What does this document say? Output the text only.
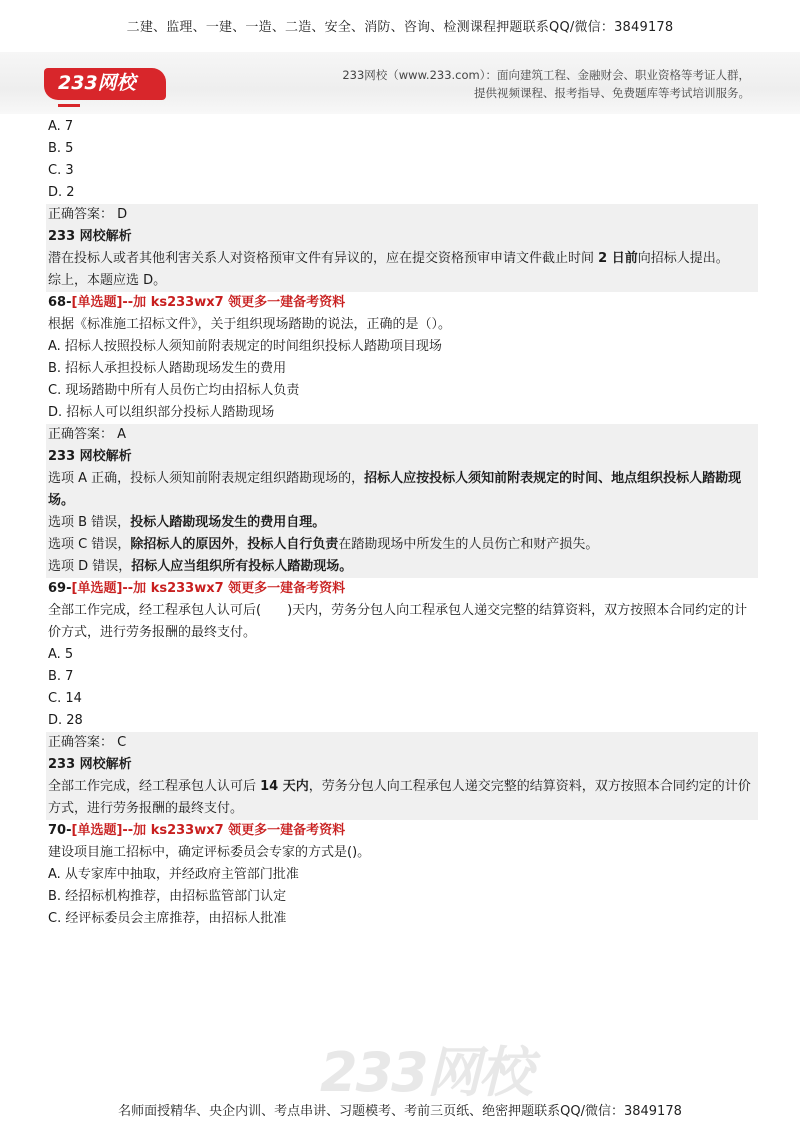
二建、监理、一建、一造、二造、安全、消防、咨询、检测课程押题联系QQ/微信：3849178
233网校	233网校（www.233.com）：面向建筑工程、金融财会、职业资格等考证人群，
提供视频课程、报考指导、免费题库等考试培训服务。
233网校
A. 7
B. 5
C. 3
D. 2
正确答案： D
233 网校解析
潜在投标人或者其他利害关系人对资格预审文件有异议的，应在提交资格预审申请文件截止时间 2 日前向招标人提出。
综上，本题应选 D。
68-[单选题]--加 ks233wx7 领更多一建备考资料
根据《标准施工招标文件》，关于组织现场踏勘的说法，正确的是（）。
A. 招标人按照投标人须知前附表规定的时间组织投标人踏勘项目现场
B. 招标人承担投标人踏勘现场发生的费用
C. 现场踏勘中所有人员伤亡均由招标人负责
D. 招标人可以组织部分投标人踏勘现场
正确答案： A
233 网校解析
选项 A 正确，投标人须知前附表规定组织踏勘现场的，招标人应按投标人须知前附表规定的时间、地点组织投标人踏勘现场。
选项 B 错误，投标人踏勘现场发生的费用自理。
选项 C 错误，除招标人的原因外，投标人自行负责在踏勘现场中所发生的人员伤亡和财产损失。
选项 D 错误，招标人应当组织所有投标人踏勘现场。
69-[单选题]--加 ks233wx7 领更多一建备考资料
全部工作完成，经工程承包人认可后(　　)天内，劳务分包人向工程承包人递交完整的结算资料，双方按照本合同约定的计价方式，进行劳务报酬的最终支付。
A. 5
B. 7
C. 14
D. 28
正确答案： C
233 网校解析
全部工作完成，经工程承包人认可后 14 天内，劳务分包人向工程承包人递交完整的结算资料，双方按照本合同约定的计价方式，进行劳务报酬的最终支付。
70-[单选题]--加 ks233wx7 领更多一建备考资料
建设项目施工招标中，确定评标委员会专家的方式是()。
A. 从专家库中抽取，并经政府主管部门批准
B. 经招标机构推荐，由招标监管部门认定
C. 经评标委员会主席推荐，由招标人批准
名师面授精华、央企内训、考点串讲、习题模考、考前三页纸、绝密押题联系QQ/微信：3849178
